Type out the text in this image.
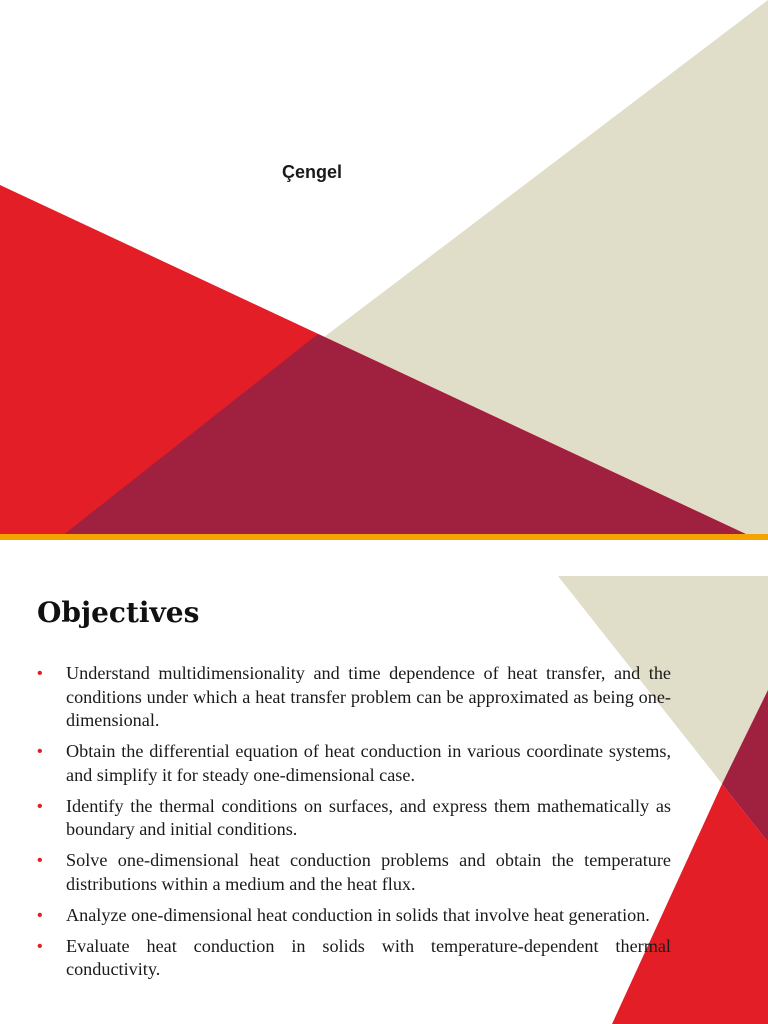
Çengel
Objectives
• Understand multidimensionality and time dependence of heat transfer, and the conditions under which a heat transfer problem can be approximated as being one-dimensional.
• Obtain the differential equation of heat conduction in various coordinate systems, and simplify it for steady one-dimensional case.
• Identify the thermal conditions on surfaces, and express them mathematically as boundary and initial conditions.
• Solve one-dimensional heat conduction problems and obtain the temperature distributions within a medium and the heat flux.
• Analyze one-dimensional heat conduction in solids that involve heat generation.
• Evaluate heat conduction in solids with temperature-dependent thermal conductivity.
